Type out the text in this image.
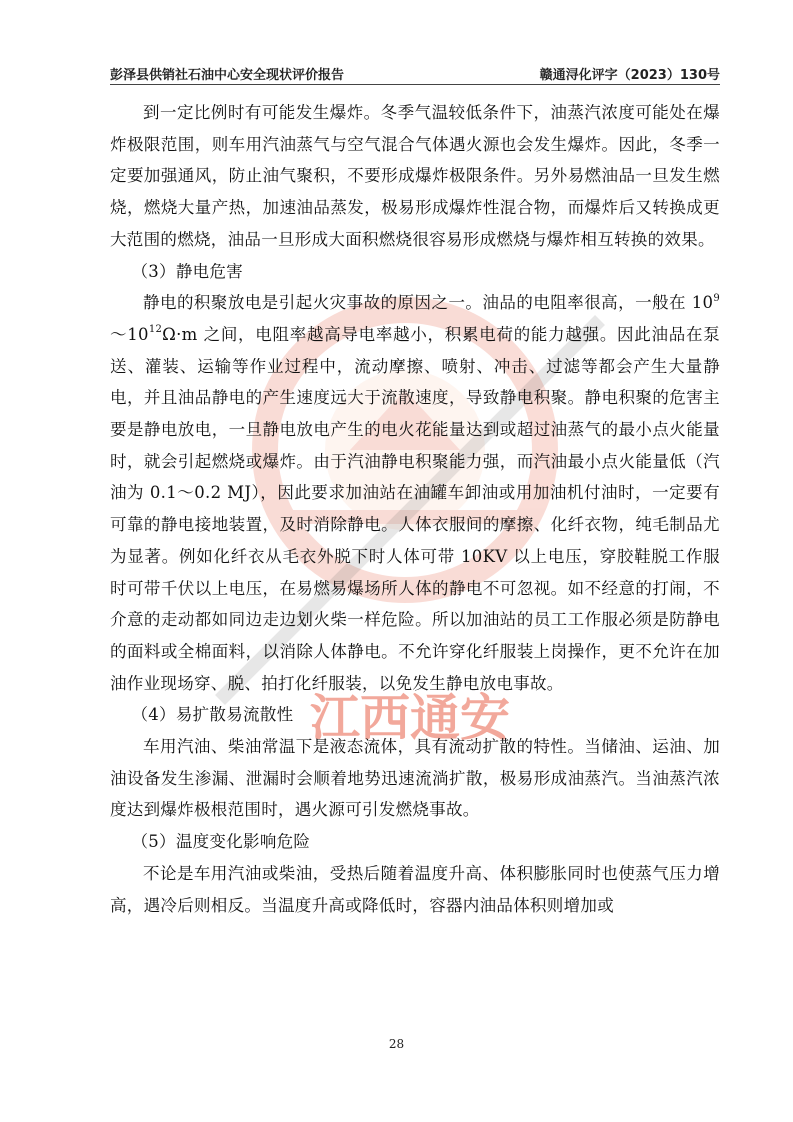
彭泽县供销社石油中心安全现状评价报告	赣通浔化评字（2023）130号
江西通安

到一定比例时有可能发生爆炸。冬季气温较低条件下，油蒸汽浓度可能处在爆炸极限范围，则车用汽油蒸气与空气混合气体遇火源也会发生爆炸。因此，冬季一定要加强通风，防止油气聚积，不要形成爆炸极限条件。另外易燃油品一旦发生燃烧，燃烧大量产热，加速油品蒸发，极易形成爆炸性混合物，而爆炸后又转换成更大范围的燃烧，油品一旦形成大面积燃烧很容易形成燃烧与爆炸相互转换的效果。

（3）静电危害

静电的积聚放电是引起火灾事故的原因之一。油品的电阻率很高，一般在 $10^9\sim 10^{12}\Omega\cdot m$ 之间，电阻率越高导电率越小，积累电荷的能力越强。因此油品在泵送、灌装、运输等作业过程中，流动摩擦、喷射、冲击、过滤等都会产生大量静电，并且油品静电的产生速度远大于流散速度，导致静电积聚。静电积聚的危害主要是静电放电，一旦静电放电产生的电火花能量达到或超过油蒸气的最小点火能量时，就会引起燃烧或爆炸。由于汽油静电积聚能力强，而汽油最小点火能量低（汽油为 0.1～0.2 MJ），因此要求加油站在油罐车卸油或用加油机付油时，一定要有可靠的静电接地装置，及时消除静电。人体衣服间的摩擦、化纤衣物，纯毛制品尤为显著。例如化纤衣从毛衣外脱下时人体可带 10KV 以上电压，穿胶鞋脱工作服时可带千伏以上电压，在易燃易爆场所人体的静电不可忽视。如不经意的打闹，不介意的走动都如同边走边划火柴一样危险。所以加油站的员工工作服必须是防静电的面料或全棉面料，以消除人体静电。不允许穿化纤服装上岗操作，更不允许在加油作业现场穿、脱、拍打化纤服装，以免发生静电放电事故。

（4）易扩散易流散性

车用汽油、柴油常温下是液态流体，具有流动扩散的特性。当储油、运油、加油设备发生渗漏、泄漏时会顺着地势迅速流淌扩散，极易形成油蒸汽。当油蒸汽浓度达到爆炸极根范围时，遇火源可引发燃烧事故。

（5）温度变化影响危险

不论是车用汽油或柴油，受热后随着温度升高、体积膨胀同时也使蒸气压力增高，遇冷后则相反。当温度升高或降低时，容器内油品体积则增加或

28
